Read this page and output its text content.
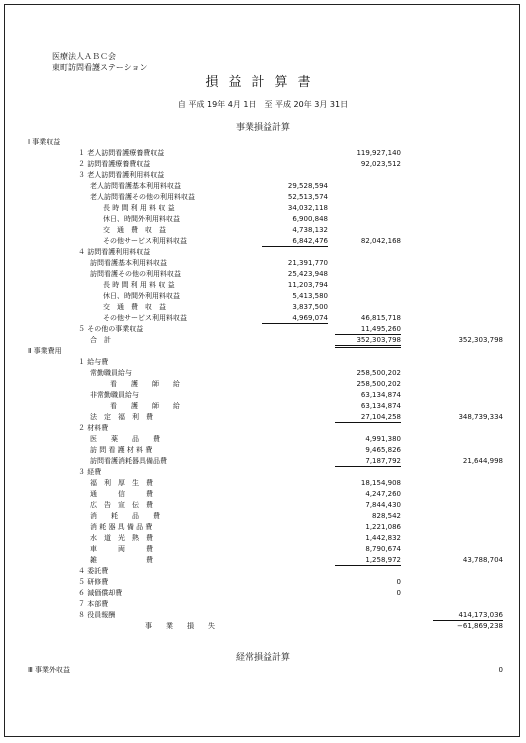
医療法人ＡＢＣ会
東町訪問看護ステーション
損益計算書
自 平成 19年 4月 1日　至 平成 20年 3月 31日
事業損益計算
経常損益計算
Ⅰ 事業収益
１ 老人訪問看護療養費収益	119,927,140
２ 訪問看護療養費収益	92,023,512
３ 老人訪問看護利用料収益
老人訪問看護基本利用料収益	29,528,594
老人訪問看護その他の利用料収益	52,513,574
長 時 間 利 用 料 収 益	34,032,118
休日、時間外利用料収益	6,900,848
交　通　費　収　益	4,738,132
その他サービス利用料収益	6,842,476	82,042,168
４ 訪問看護利用料収益
訪問看護基本利用料収益	21,391,770
訪問看護その他の利用料収益	25,423,948
長 時 間 利 用 料 収 益	11,203,794
休日、時間外利用料収益	5,413,580
交　通　費　収　益	3,837,500
その他サービス利用料収益	4,969,074	46,815,718
５ その他の事業収益	11,495,260
合　計	352,303,798	352,303,798
Ⅱ 事業費用
１ 給与費
常勤職員給与	258,500,202
看　　護　　師　　給	258,500,202
非常勤職員給与	63,134,874
看　　護　　師　　給	63,134,874
法　定　福　利　費	27,104,258	348,739,334
２ 材料費
医　　薬　　品　　費	4,991,380
訪 問 看 護 材 料 費	9,465,826
訪問看護消耗器具備品費	7,187,792	21,644,998
３ 経費
福　利　厚　生　費	18,154,908
通　　　信　　　費	4,247,260
広　告　宣　伝　費	7,844,430
消　　耗　　品　　費	828,542
消 耗 器 具 備 品 費	1,221,086
水　道　光　熱　費	1,442,832
車　　　両　　　費	8,790,674
雑　　　　　　　費	1,258,972	43,788,704
４ 委託費
５ 研修費	0
６ 減価償却費	0
７ 本部費
８ 役員報酬	414,173,036
事　　業　　損　　失	−61,869,238
Ⅲ 事業外収益	0
